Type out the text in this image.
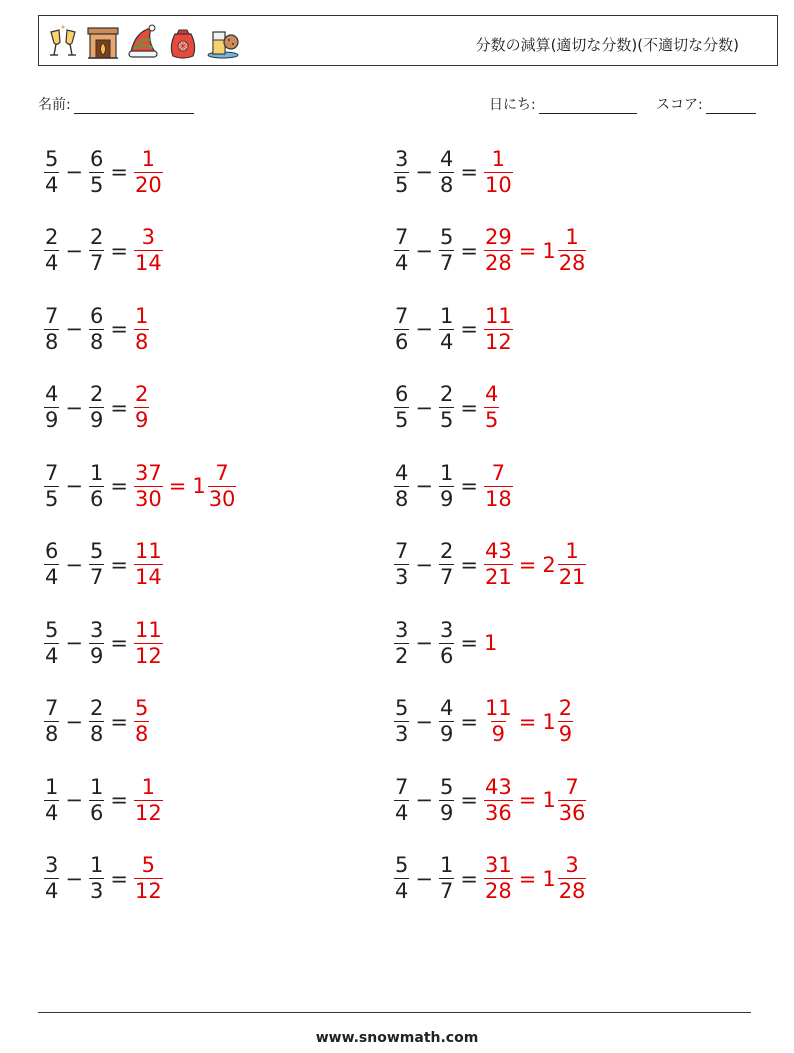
分数の減算(適切な分数)(不適切な分数)
名前:	日にち:	スコア:
$\frac{5}{4} - \frac{6}{5} = \frac{1}{20}$
$\frac{2}{4} - \frac{2}{7} = \frac{3}{14}$
$\frac{7}{8} - \frac{6}{8} = \frac{1}{8}$
$\frac{4}{9} - \frac{2}{9} = \frac{2}{9}$
$\frac{7}{5} - \frac{1}{6} = \frac{37}{30} = 1 \frac{7}{30}$
$\frac{6}{4} - \frac{5}{7} = \frac{11}{14}$
$\frac{5}{4} - \frac{3}{9} = \frac{11}{12}$
$\frac{7}{8} - \frac{2}{8} = \frac{5}{8}$
$\frac{1}{4} - \frac{1}{6} = \frac{1}{12}$
$\frac{3}{4} - \frac{1}{3} = \frac{5}{12}$
$\frac{3}{5} - \frac{4}{8} = \frac{1}{10}$
$\frac{7}{4} - \frac{5}{7} = \frac{29}{28} = 1 \frac{1}{28}$
$\frac{7}{6} - \frac{1}{4} = \frac{11}{12}$
$\frac{6}{5} - \frac{2}{5} = \frac{4}{5}$
$\frac{4}{8} - \frac{1}{9} = \frac{7}{18}$
$\frac{7}{3} - \frac{2}{7} = \frac{43}{21} = 2 \frac{1}{21}$
$\frac{3}{2} - \frac{3}{6} = 1$
$\frac{5}{3} - \frac{4}{9} = \frac{11}{9} = 1 \frac{2}{9}$
$\frac{7}{4} - \frac{5}{9} = \frac{43}{36} = 1 \frac{7}{36}$
$\frac{5}{4} - \frac{1}{7} = \frac{31}{28} = 1 \frac{3}{28}$
www.snowmath.com
